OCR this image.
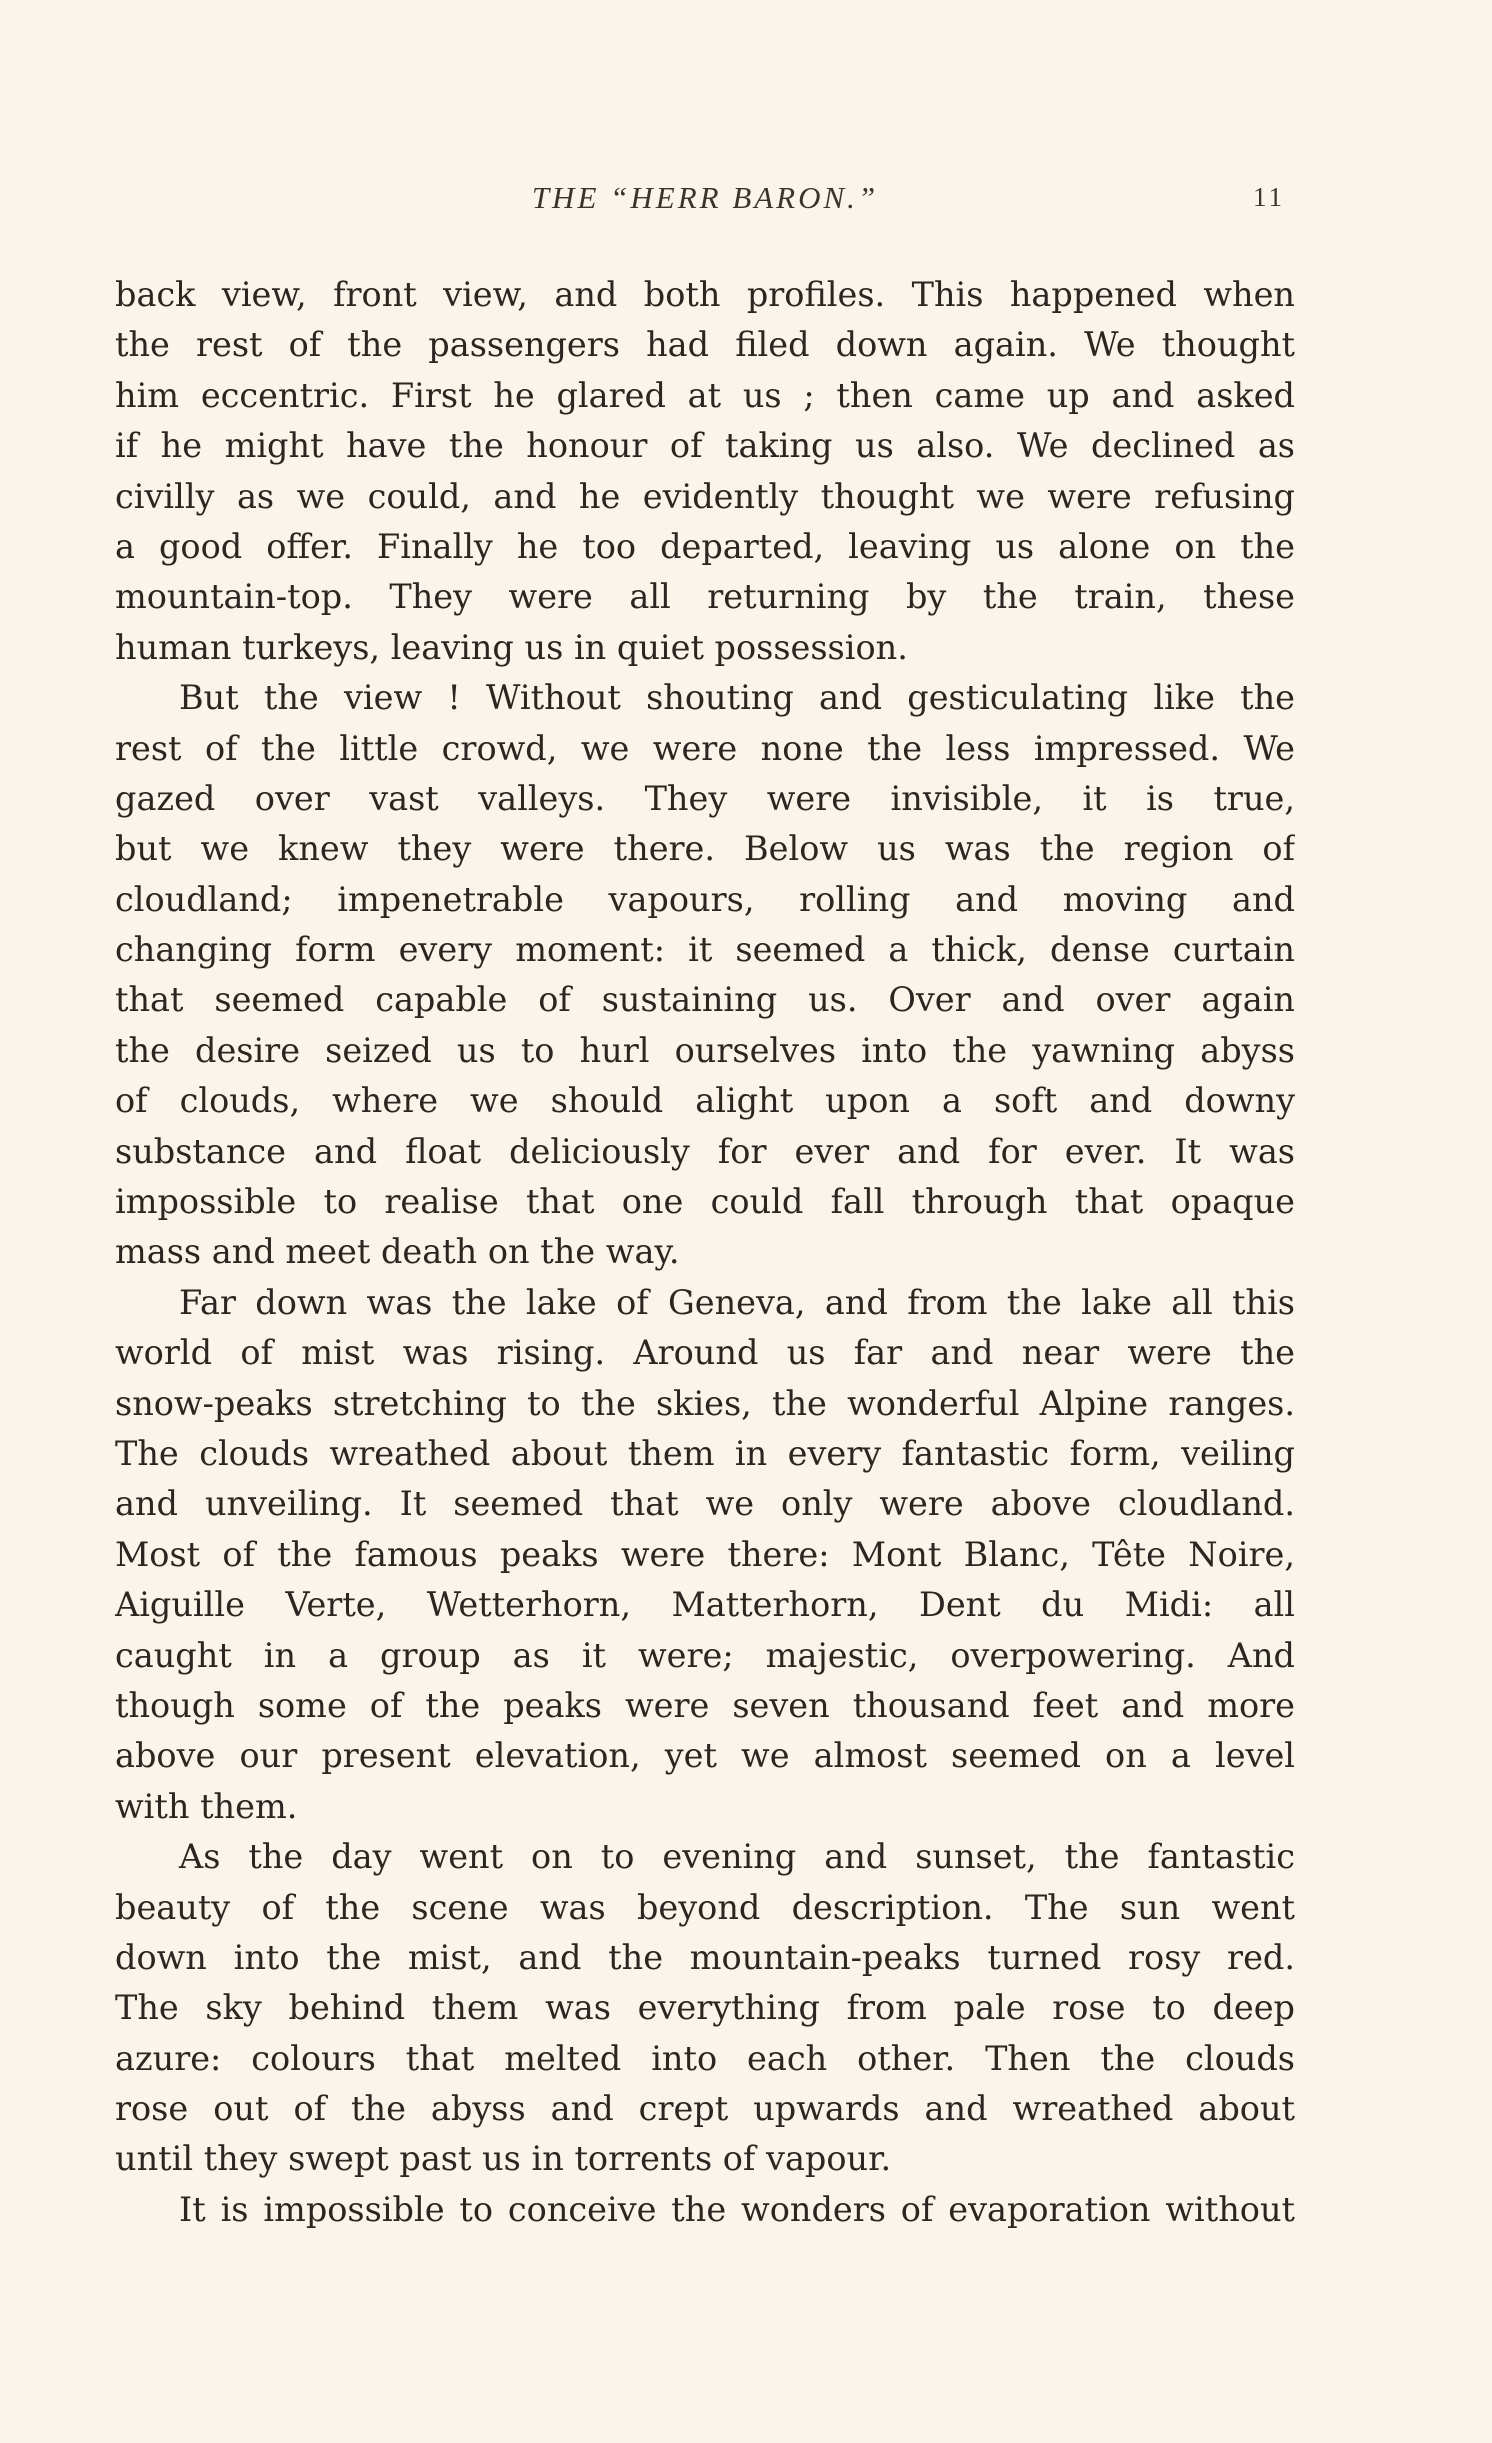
THE “HERR BARON.”	11
back view, front view, and both profiles. This happened when
the rest of the passengers had filed down again. We thought
him eccentric. First he glared at us ; then came up and asked
if he might have the honour of taking us also. We declined as
civilly as we could, and he evidently thought we were refusing
a good offer. Finally he too departed, leaving us alone on the
mountain-top. They were all returning by the train, these
human turkeys, leaving us in quiet possession.
But the view ! Without shouting and gesticulating like the
rest of the little crowd, we were none the less impressed. We
gazed over vast valleys. They were invisible, it is true,
but we knew they were there. Below us was the region of
cloudland; impenetrable vapours, rolling and moving and
changing form every moment: it seemed a thick, dense curtain
that seemed capable of sustaining us. Over and over again
the desire seized us to hurl ourselves into the yawning abyss
of clouds, where we should alight upon a soft and downy
substance and float deliciously for ever and for ever. It was
impossible to realise that one could fall through that opaque
mass and meet death on the way.
Far down was the lake of Geneva, and from the lake all this
world of mist was rising. Around us far and near were the
snow-peaks stretching to the skies, the wonderful Alpine ranges.
The clouds wreathed about them in every fantastic form, veiling
and unveiling. It seemed that we only were above cloudland.
Most of the famous peaks were there: Mont Blanc, Tête Noire,
Aiguille Verte, Wetterhorn, Matterhorn, Dent du Midi: all
caught in a group as it were; majestic, overpowering. And
though some of the peaks were seven thousand feet and more
above our present elevation, yet we almost seemed on a level
with them.
As the day went on to evening and sunset, the fantastic
beauty of the scene was beyond description. The sun went
down into the mist, and the mountain-peaks turned rosy red.
The sky behind them was everything from pale rose to deep
azure: colours that melted into each other. Then the clouds
rose out of the abyss and crept upwards and wreathed about
until they swept past us in torrents of vapour.
It is impossible to conceive the wonders of evaporation without
